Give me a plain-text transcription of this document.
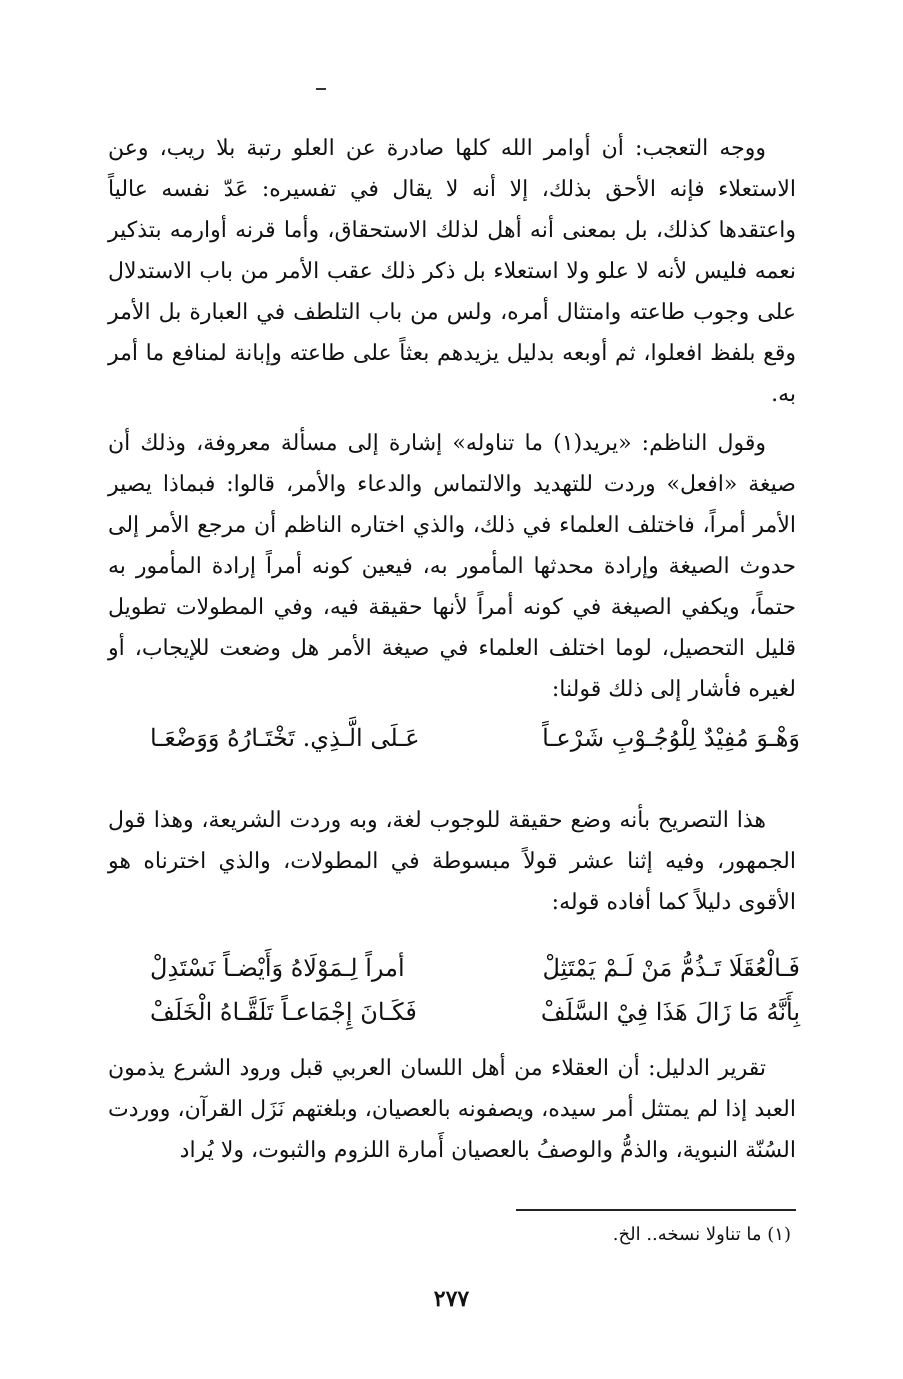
ووجه التعجب: أن أوامر الله كلها صادرة عن العلو رتبة بلا ريب، وعن الاستعلاء فإنه الأحق بذلك، إلا أنه لا يقال في تفسيره: عَدّ نفسه عالياً واعتقدها كذلك، بل بمعنى أنه أهل لذلك الاستحقاق، وأما قرنه أوارمه بتذكير نعمه فليس لأنه لا علو ولا استعلاء بل ذكر ذلك عقب الأمر من باب الاستدلال على وجوب طاعته وامتثال أمره، ولس من باب التلطف في العبارة بل الأمر وقع بلفظ افعلوا، ثم أوبعه بدليل يزيدهم بعثاً على طاعته وإبانة لمنافع ما أمر به.

وقول الناظم: «يريد(١) ما تناوله» إشارة إلى مسألة معروفة، وذلك أن صيغة «افعل» وردت للتهديد والالتماس والدعاء والأمر، قالوا: فبماذا يصير الأمر أمراً، فاختلف العلماء في ذلك، والذي اختاره الناظم أن مرجع الأمر إلى حدوث الصيغة وإرادة محدثها المأمور به، فيعين كونه أمراً إرادة المأمور به حتماً، ويكفي الصيغة في كونه أمراً لأنها حقيقة فيه، وفي المطولات تطويل قليل التحصيل، لوما اختلف العلماء في صيغة الأمر هل وضعت للإيجاب، أو لغيره فأشار إلى ذلك قولنا:

وَهْـوَ مُفِيْدٌ لِلْوُجُـوْبِ شَرْعـاً
عَـلَى الَّـذِي. تَخْتَـارُهُ وَوَضْعَـا

هذا التصريح بأنه وضع حقيقة للوجوب لغة، وبه وردت الشريعة، وهذا قول الجمهور، وفيه إثنا عشر قولاً مبسوطة في المطولات، والذي اخترناه هو الأقوى دليلاً كما أفاده قوله:

فَـالْعُقَلَا تَـذُمُّ مَنْ لَـمْ يَمْتَثِلْ
أمراً لِـمَوْلَاهُ وَأَيْضـاً نَسْتَدِلْ
بِأَنَّهُ مَا زَالَ هَذَا فِيْ السَّلَفْ
فَكَـانَ إِجْمَاعـاً تَلَقَّـاهُ الْخَلَفْ

تقرير الدليل: أن العقلاء من أهل اللسان العربي قبل ورود الشرع يذمون العبد إذا لم يمتثل أمر سيده، ويصفونه بالعصيان، وبلغتهم نَزَل القرآن، ووردت السُنّة النبوية، والذمُّ والوصفُ بالعصيان أَمارة اللزوم والثبوت، ولا يُراد

(١) ما تناولا نسخه.. الخ.
٢٧٧
